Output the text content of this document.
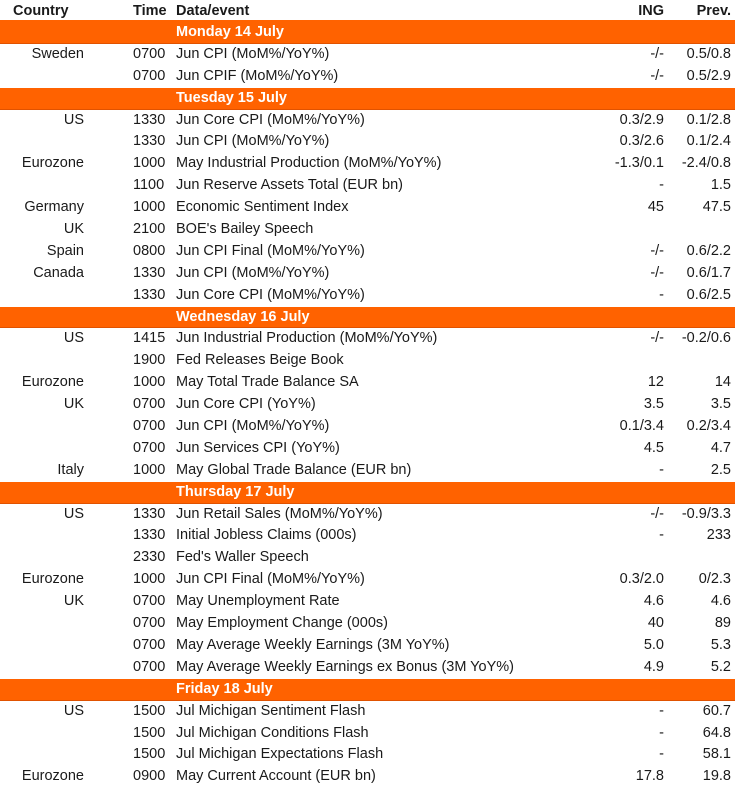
Country	Time Data/event	ING Prev.
Monday 14 July
Sweden	0700 Jun CPI (MoM%/YoY%)	-/- 0.5/0.8
0700 Jun CPIF (MoM%/YoY%)	-/- 0.5/2.9
Tuesday 15 July
US	1330 Jun Core CPI (MoM%/YoY%)	0.3/2.9 0.1/2.8
1330 Jun CPI (MoM%/YoY%)	0.3/2.6 0.1/2.4
Eurozone	1000 May Industrial Production (MoM%/YoY%)	-1.3/0.1 -2.4/0.8
1100 Jun Reserve Assets Total (EUR bn)	-	1.5
Germany	1000 Economic Sentiment Index	45	47.5
UK	2100 BOE's Bailey Speech
Spain	0800 Jun CPI Final (MoM%/YoY%)	-/- 0.6/2.2
Canada	1330 Jun CPI (MoM%/YoY%)	-/- 0.6/1.7
1330 Jun Core CPI (MoM%/YoY%)	- 0.6/2.5
Wednesday 16 July
US	1415 Jun Industrial Production (MoM%/YoY%)	-/- -0.2/0.6
1900 Fed Releases Beige Book
Eurozone	1000 May Total Trade Balance SA	12	14
UK	0700 Jun Core CPI (YoY%)	3.5	3.5
0700 Jun CPI (MoM%/YoY%)	0.1/3.4 0.2/3.4
0700 Jun Services CPI (YoY%)	4.5	4.7
Italy	1000 May Global Trade Balance (EUR bn)	-	2.5
Thursday 17 July
US	1330 Jun Retail Sales (MoM%/YoY%)	-/- -0.9/3.3
1330 Initial Jobless Claims (000s)	-	233
2330 Fed's Waller Speech
Eurozone	1000 Jun CPI Final (MoM%/YoY%)	0.3/2.0 0/2.3
UK	0700 May Unemployment Rate	4.6	4.6
0700 May Employment Change (000s)	40	89
0700 May Average Weekly Earnings (3M YoY%)	5.0	5.3
0700 May Average Weekly Earnings ex Bonus (3M YoY%)	4.9	5.2
Friday 18 July
US	1500 Jul Michigan Sentiment Flash	-	60.7
1500 Jul Michigan Conditions Flash	-	64.8
1500 Jul Michigan Expectations Flash	-	58.1
Eurozone	0900 May Current Account (EUR bn)	17.8	19.8
